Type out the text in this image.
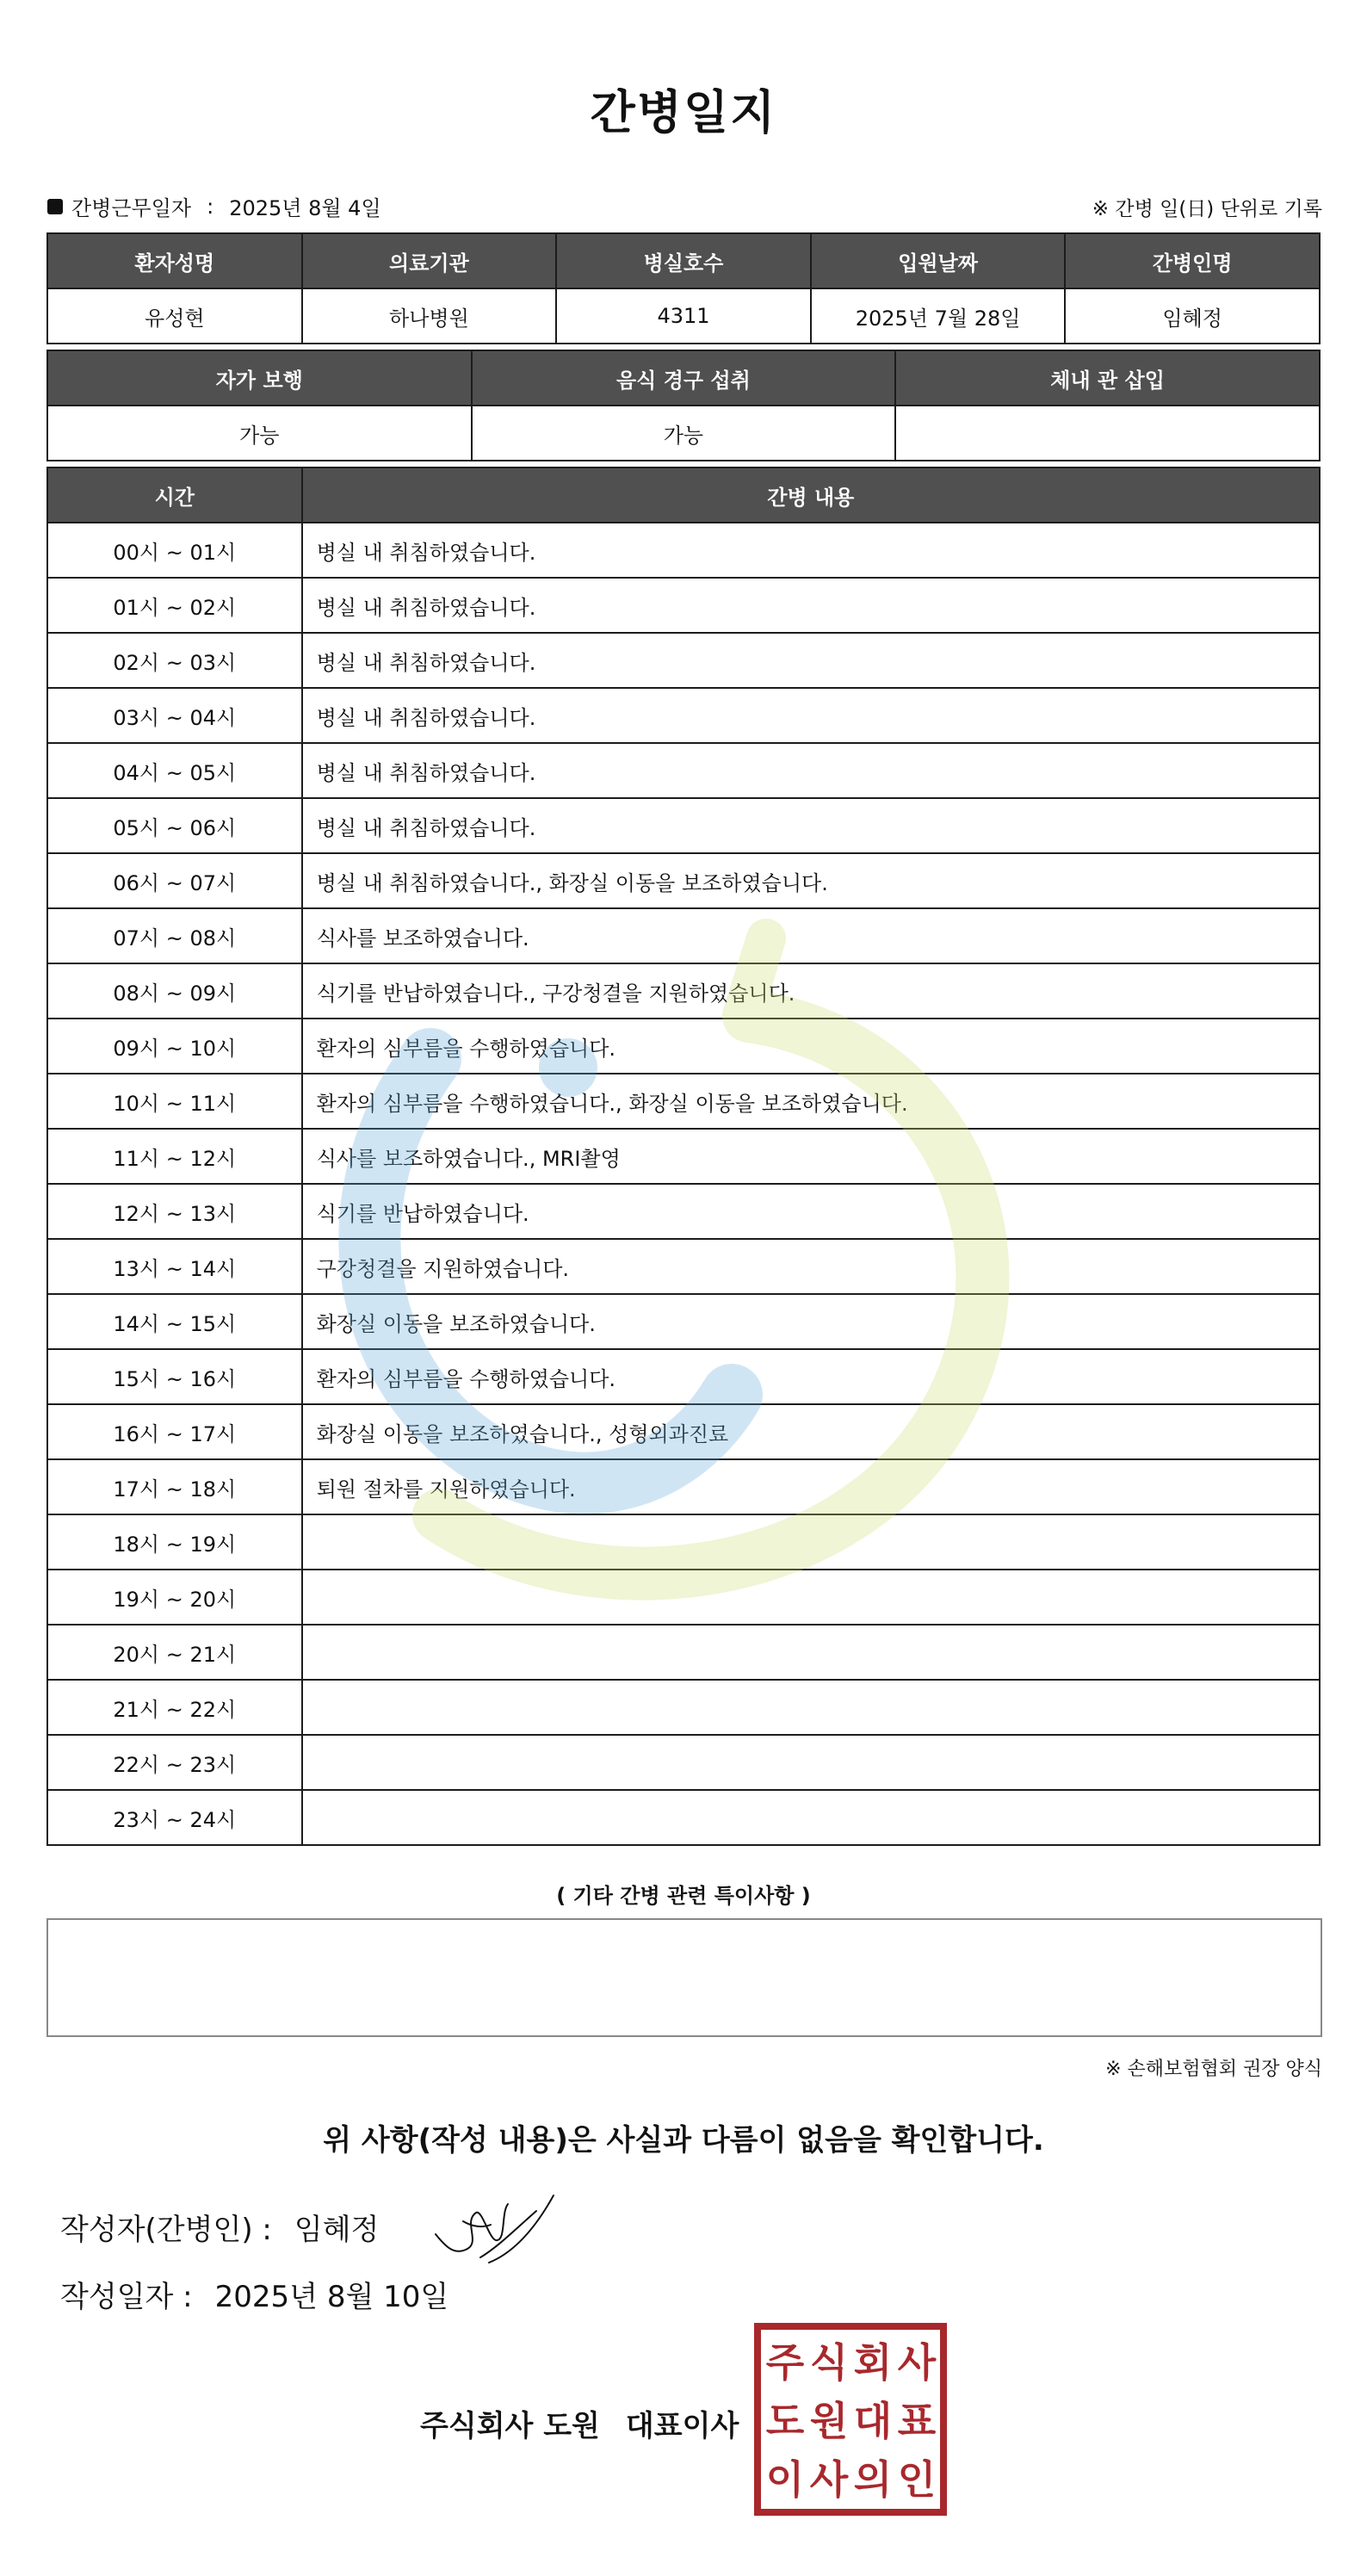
간병일지
간병근무일자 : 2025년 8월 4일	※ 간병 일(日) 단위로 기록
환자성명	의료기관	병실호수	입원날짜	간병인명
유성현	하나병원	4311	2025년 7월 28일	임혜정
자가 보행	음식 경구 섭취	체내 관 삽입
가능	가능	
시간	간병 내용
00시 ~ 01시	병실 내 취침하였습니다.
01시 ~ 02시	병실 내 취침하였습니다.
02시 ~ 03시	병실 내 취침하였습니다.
03시 ~ 04시	병실 내 취침하였습니다.
04시 ~ 05시	병실 내 취침하였습니다.
05시 ~ 06시	병실 내 취침하였습니다.
06시 ~ 07시	병실 내 취침하였습니다., 화장실 이동을 보조하였습니다.
07시 ~ 08시	식사를 보조하였습니다.
08시 ~ 09시	식기를 반납하였습니다., 구강청결을 지원하였습니다.
09시 ~ 10시	환자의 심부름을 수행하였습니다.
10시 ~ 11시	환자의 심부름을 수행하였습니다., 화장실 이동을 보조하였습니다.
11시 ~ 12시	식사를 보조하였습니다., MRI촬영
12시 ~ 13시	식기를 반납하였습니다.
13시 ~ 14시	구강청결을 지원하였습니다.
14시 ~ 15시	화장실 이동을 보조하였습니다.
15시 ~ 16시	환자의 심부름을 수행하였습니다.
16시 ~ 17시	화장실 이동을 보조하였습니다., 성형외과진료
17시 ~ 18시	퇴원 절차를 지원하였습니다.
18시 ~ 19시	
19시 ~ 20시	
20시 ~ 21시	
21시 ~ 22시	
22시 ~ 23시	
23시 ~ 24시	
( 기타 간병 관련 특이사항 )
※ 손해보험협회 권장 양식
위 사항(작성 내용)은 사실과 다름이 없음을 확인합니다.
작성자(간병인) : 임혜정
작성일자 : 2025년 8월 10일
주식회사 도원 대표이사
주 식 회 사
도 원 대 표
이 사 의 인
